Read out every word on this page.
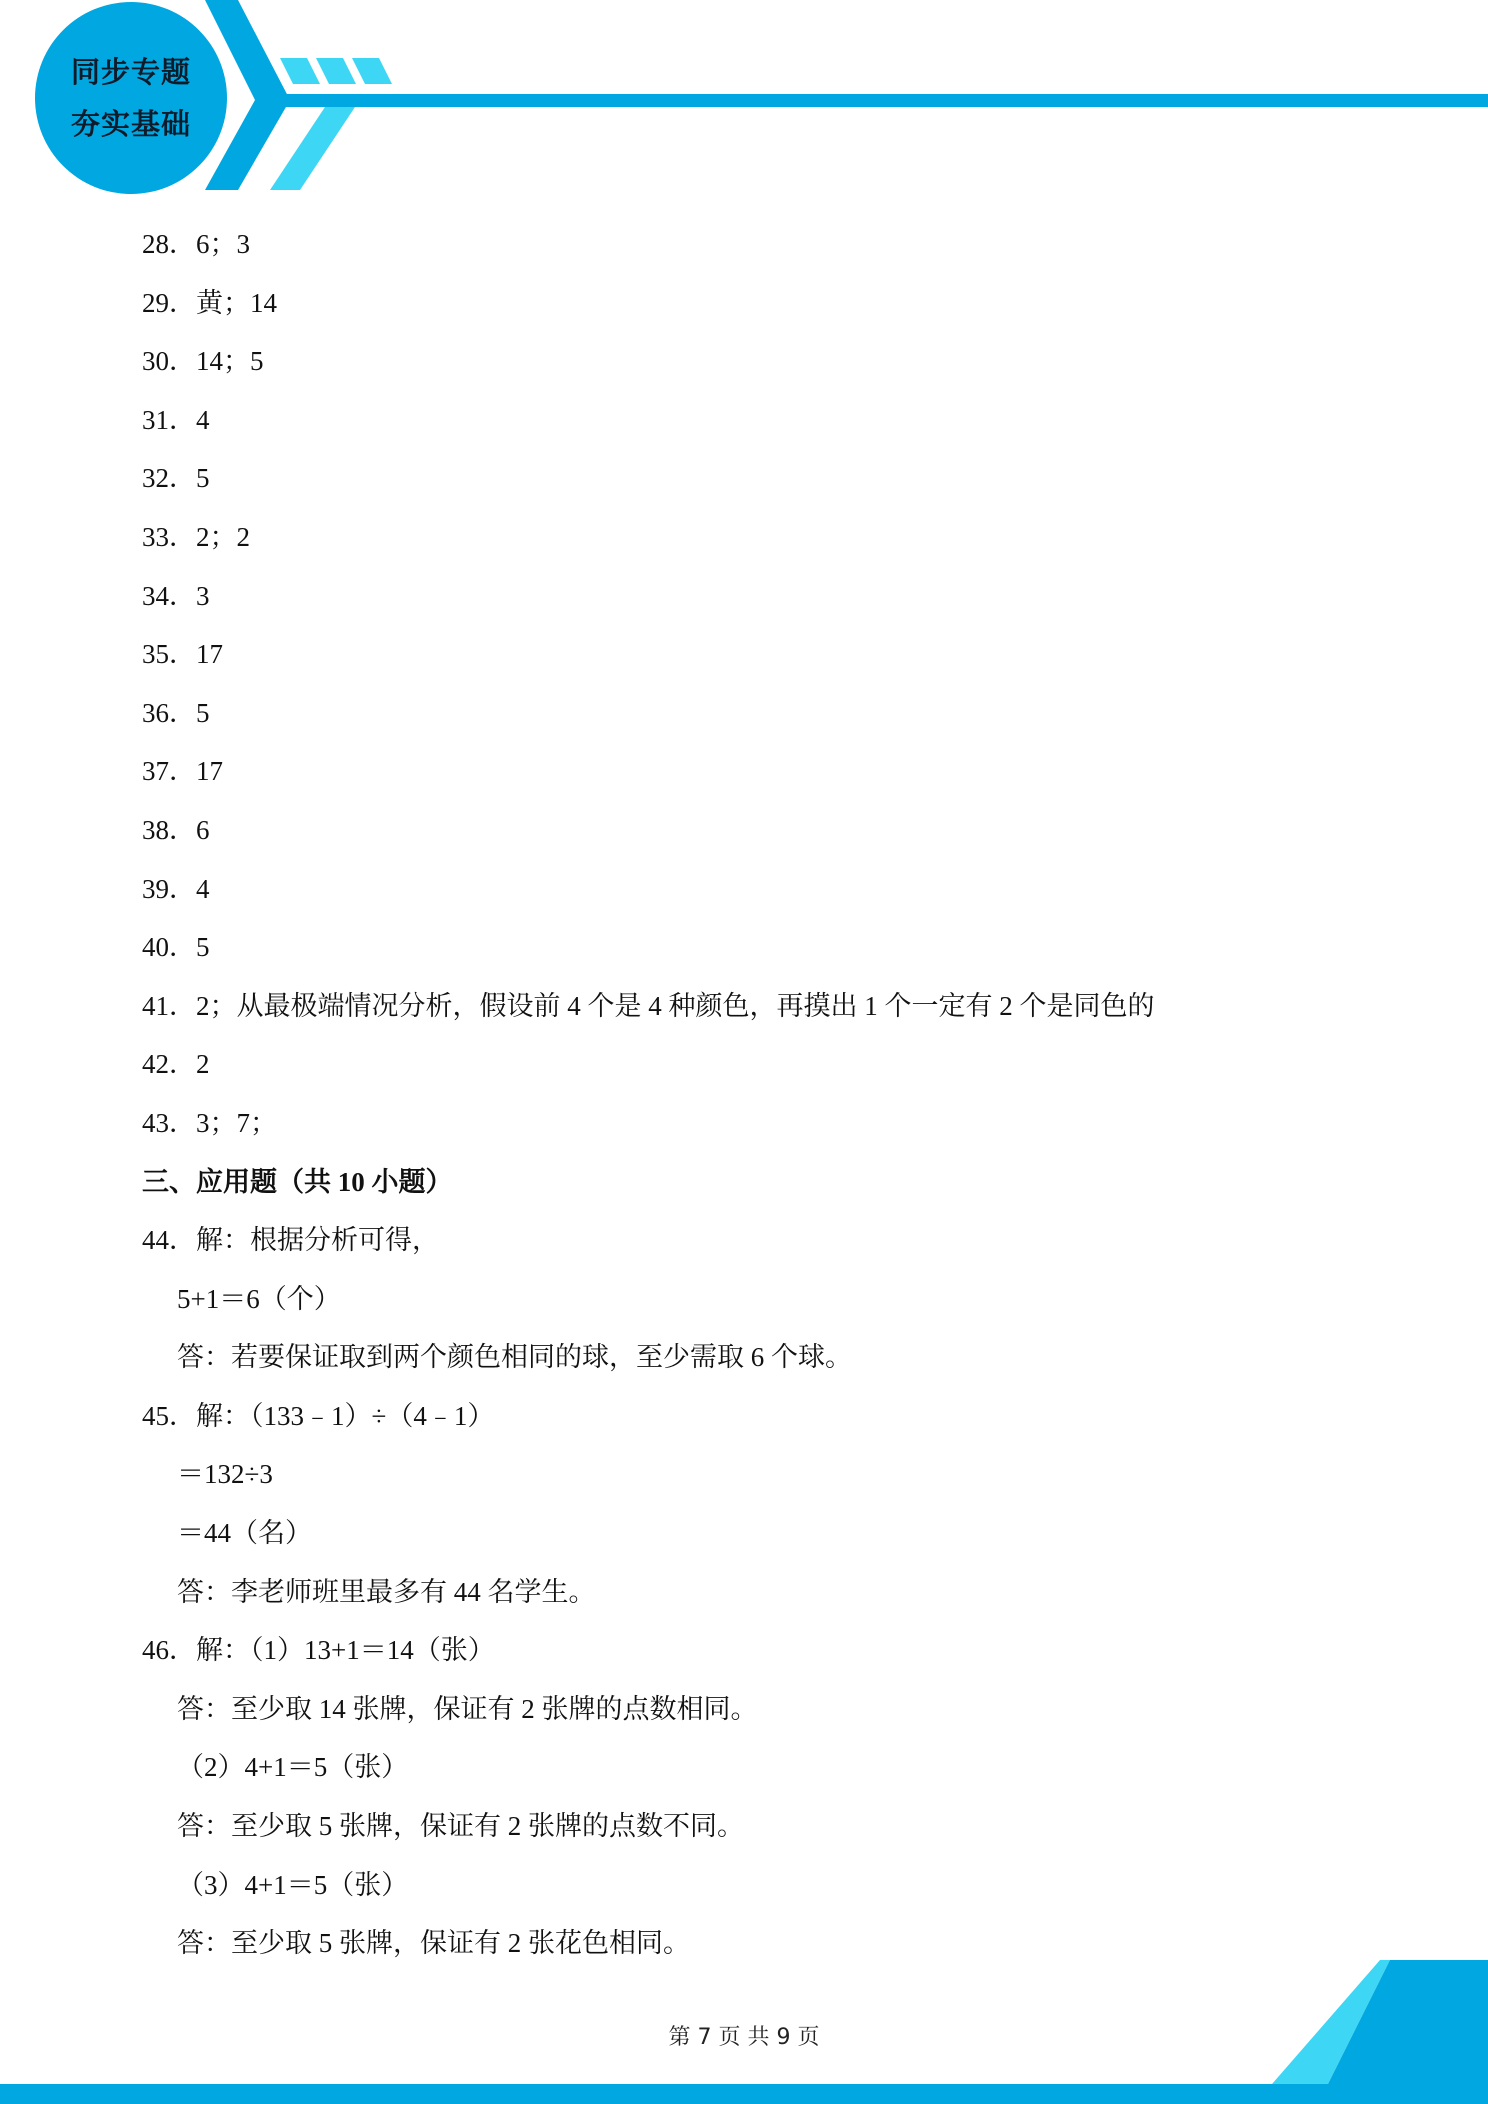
同步专题
夯实基础
28．6；3
29．黄；14
30．14；5
31．4
32．5
33．2；2
34．3
35．17
36．5
37．17
38．6
39．4
40．5
41．2；从最极端情况分析，假设前 4 个是 4 种颜色，再摸出 1 个一定有 2 个是同色的
42．2
43．3；7；
三、应用题（共 10 小题）
44．解：根据分析可得，
5+1＝6（个）
答：若要保证取到两个颜色相同的球，至少需取 6 个球。
45．解：（133﹣1）÷（4﹣1）
＝132÷3
＝44（名）
答：李老师班里最多有 44 名学生。
46．解：（1）13+1＝14（张）
答：至少取 14 张牌，保证有 2 张牌的点数相同。
（2）4+1＝5（张）
答：至少取 5 张牌，保证有 2 张牌的点数不同。
（3）4+1＝5（张）
答：至少取 5 张牌，保证有 2 张花色相同。
第 7 页 共 9 页
